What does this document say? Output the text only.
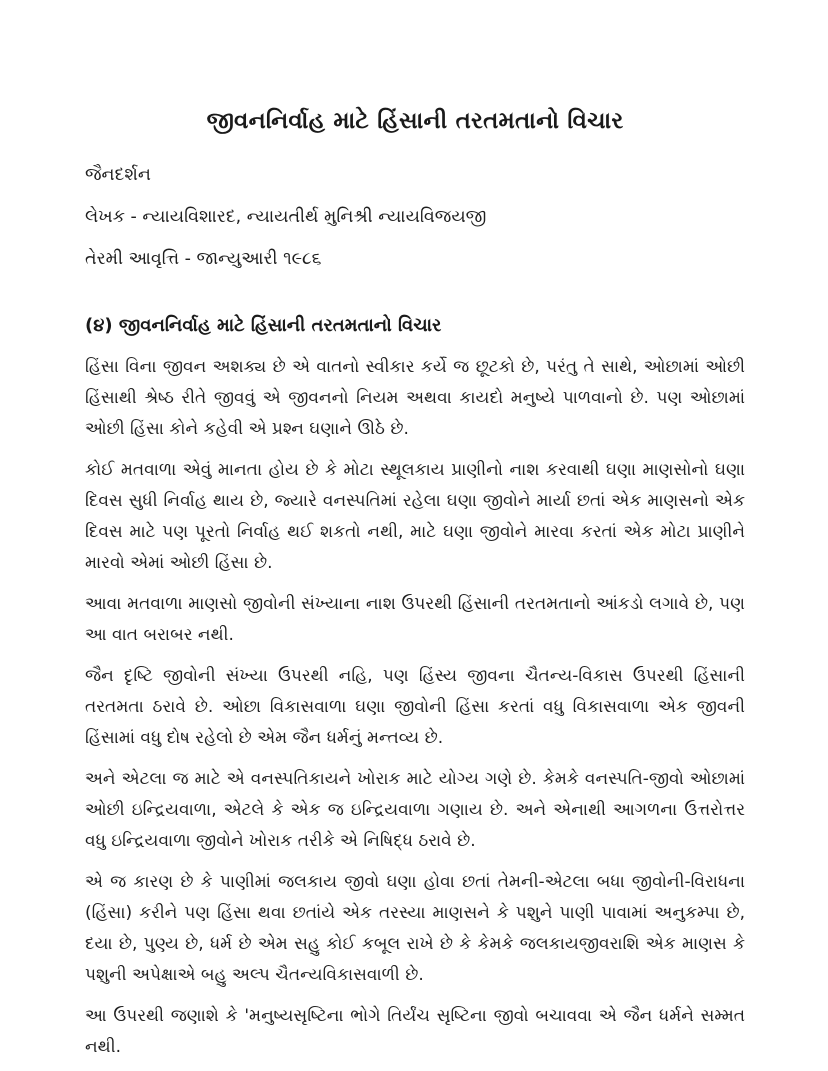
જીવનનિર્વાહ માટે હિંસાની તરતમતાનો વિચાર

જૈનદર્શન

લેખક - ન્યાયવિશારદ, ન્યાયતીર્થ મુનિશ્રી ન્યાયવિજયજી

તેરમી આવૃત્તિ - જાન્યુઆરી ૧૯૮૬

(૪) જીવનનિર્વાહ માટે હિંસાની તરતમતાનો વિચાર

હિંસા વિના જીવન અશક્ય છે એ વાતનો સ્વીકાર કર્યે જ છૂટકો છે, પરંતુ તે સાથે, ઓછામાં ઓછી હિંસાથી શ્રેષ્ઠ રીતે જીવવું એ જીવનનો નિયમ અથવા કાયદો મનુષ્યે પાળવાનો છે. પણ ઓછામાં ઓછી હિંસા કોને કહેવી એ પ્રશ્ન ઘણાને ઊઠે છે.

કોઈ મતવાળા એવું માનતા હોય છે કે મોટા સ્થૂલકાય પ્રાણીનો નાશ કરવાથી ઘણા માણસોનો ઘણા દિવસ સુધી નિર્વાહ થાય છે, જ્યારે વનસ્પતિમાં રહેલા ઘણા જીવોને માર્યા છતાં એક માણસનો એક દિવસ માટે પણ પૂરતો નિર્વાહ થઈ શકતો નથી, માટે ઘણા જીવોને મારવા કરતાં એક મોટા પ્રાણીને મારવો એમાં ઓછી હિંસા છે.

આવા મતવાળા માણસો જીવોની સંખ્યાના નાશ ઉપરથી હિંસાની તરતમતાનો આંકડો લગાવે છે, પણ આ વાત બરાબર નથી.

જૈન દૃષ્ટિ જીવોની સંખ્યા ઉપરથી નહિ, પણ હિંસ્ય જીવના ચૈતન્ય-વિકાસ ઉપરથી હિંસાની તરતમતા ઠરાવે છે. ઓછા વિકાસવાળા ઘણા જીવોની હિંસા કરતાં વધુ વિકાસવાળા એક જીવની હિંસામાં વધુ દોષ રહેલો છે એમ જૈન ધર્મનું મન્તવ્ય છે.

અને એટલા જ માટે એ વનસ્પતિકાયને ખોરાક માટે યોગ્ય ગણે છે. કેમકે વનસ્પતિ-જીવો ઓછામાં ઓછી ઇન્દ્રિયવાળા, એટલે કે એક જ ઇન્દ્રિયવાળા ગણાય છે. અને એનાથી આગળના ઉત્તરોત્તર વધુ ઇન્દ્રિયવાળા જીવોને ખોરાક તરીકે એ નિષિદ્ધ ઠરાવે છે.

એ જ કારણ છે કે પાણીમાં જલકાય જીવો ઘણા હોવા છતાં તેમની-એટલા બધા જીવોની-વિરાધના (હિંસા) કરીને પણ હિંસા થવા છતાંયે એક તરસ્યા માણસને કે પશુને પાણી પાવામાં અનુકમ્પા છે, દયા છે, પુણ્ય છે, ધર્મ છે એમ સહુ કોઈ કબૂલ રાખે છે કે કેમકે જલકાયજીવરાશિ એક માણસ કે પશુની અપેક્ષાએ બહુ અલ્પ ચૈતન્યવિકાસવાળી છે.

આ ઉપરથી જણાશે કે 'મનુષ્યસૃષ્ટિના ભોગે તિર્યંચ સૃષ્ટિના જીવો બચાવવા એ જૈન ધર્મને સમ્મત નથી.
